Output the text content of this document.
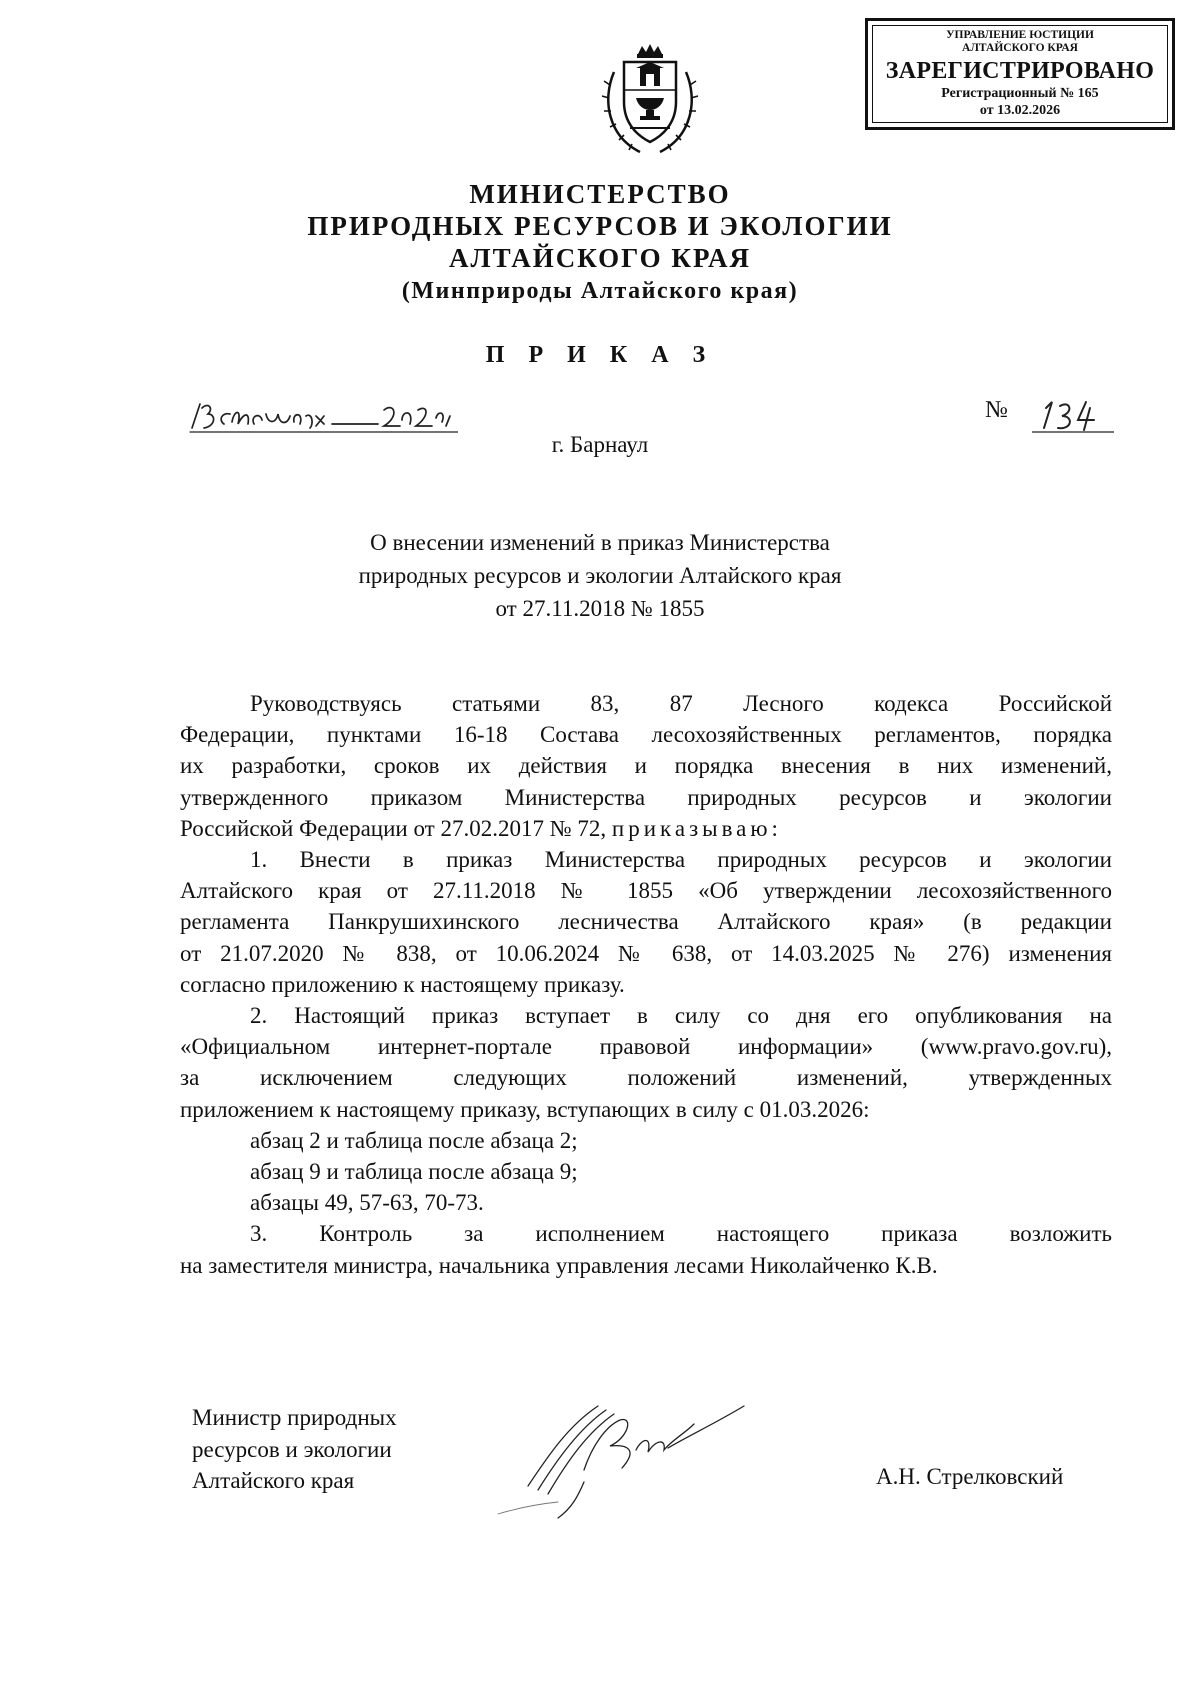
УПРАВЛЕНИЕ ЮСТИЦИИ
АЛТАЙСКОГО КРАЯ
ЗАРЕГИСТРИРОВАНО
Регистрационный № 165
от 13.02.2026
МИНИСТЕРСТВО
ПРИРОДНЫХ РЕСУРСОВ И ЭКОЛОГИИ
АЛТАЙСКОГО КРАЯ
(Минприроды Алтайского края)
П Р И К А З
№
г. Барнаул
О внесении изменений в приказ Министерства
природных ресурсов и экологии Алтайского края
от 27.11.2018 № 1855

Руководствуясь статьями 83, 87 Лесного кодекса Российской

Федерации, пунктами 16-18 Состава лесохозяйственных регламентов, порядка

их разработки, сроков их действия и порядка внесения в них изменений,

утвержденного приказом Министерства природных ресурсов и экологии

Российской Федерации от 27.02.2017 № 72, приказываю:

1. Внести в приказ Министерства природных ресурсов и экологии

Алтайского края от 27.11.2018 № 1855 «Об утверждении лесохозяйственного

регламента Панкрушихинского лесничества Алтайского края» (в редакции

от 21.07.2020 № 838, от 10.06.2024 № 638, от 14.03.2025 № 276) изменения

согласно приложению к настоящему приказу.

2. Настоящий приказ вступает в силу со дня его опубликования на

«Официальном интернет-портале правовой информации» (www.pravo.gov.ru),

за исключением следующих положений изменений, утвержденных

приложением к настоящему приказу, вступающих в силу с 01.03.2026:

абзац 2 и таблица после абзаца 2;

абзац 9 и таблица после абзаца 9;

абзацы 49, 57-63, 70-73.

3. Контроль за исполнением настоящего приказа возложить

на заместителя министра, начальника управления лесами Николайченко К.В.

Министр природных
ресурсов и экологии
Алтайского края	А.Н. Стрелковский
